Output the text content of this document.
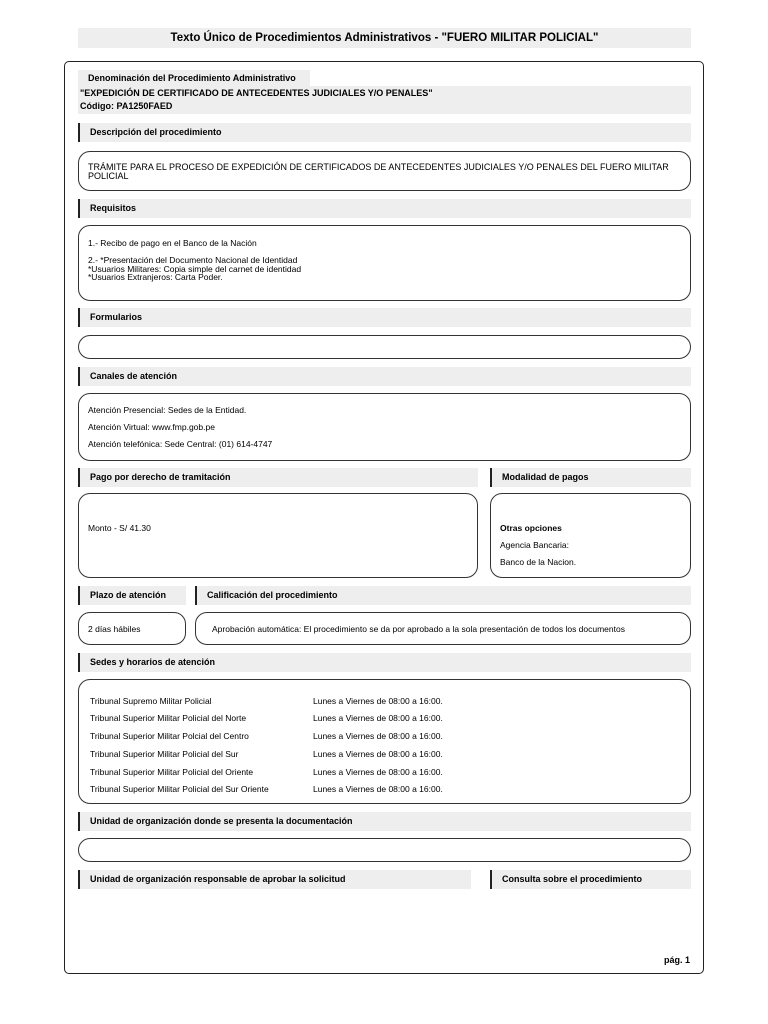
Texto Único de Procedimientos Administrativos - "FUERO MILITAR POLICIAL"
Denominación del Procedimiento Administrativo
"EXPEDICIÓN DE CERTIFICADO DE ANTECEDENTES JUDICIALES Y/O PENALES"
Código: PA1250FAED
Descripción del procedimiento
TRÁMITE PARA EL PROCESO DE EXPEDICIÓN DE CERTIFICADOS DE ANTECEDENTES JUDICIALES Y/O PENALES DEL FUERO MILITAR
POLICIAL
Requisitos
1.- Recibo de pago en el Banco de la Nación
2.- *Presentación del Documento Nacional de Identidad
*Usuarios Militares: Copia simple del carnet de identidad
*Usuarios Extranjeros: Carta Poder.
Formularios
Canales de atención
Atención Presencial: Sedes de la Entidad.
Atención Virtual: www.fmp.gob.pe
Atención telefónica: Sede Central: (01) 614-4747
Pago por derecho de tramitación	Modalidad de pagos
Monto - S/ 41.30	Otras opciones
Agencia Bancaria:
Banco de la Nacion.
Plazo de atención	Calificación del procedimiento
2 días hábiles	Aprobación automática: El procedimiento se da por aprobado a la sola presentación de todos los documentos
Sedes y horarios de atención
Tribunal Supremo Militar Policial	Lunes a Viernes de 08:00 a 16:00.
Tribunal Superior Militar Policial del Norte	Lunes a Viernes de 08:00 a 16:00.
Tribunal Superior Militar Polcial del Centro	Lunes a Viernes de 08:00 a 16:00.
Tribunal Superior Militar Policial del Sur	Lunes a Viernes de 08:00 a 16:00.
Tribunal Superior Militar Policial del Oriente	Lunes a Viernes de 08:00 a 16:00.
Tribunal Superior Militar Policial del Sur Oriente	Lunes a Viernes de 08:00 a 16:00.
Unidad de organización donde se presenta la documentación
Unidad de organización responsable de aprobar la solicitud	Consulta sobre el procedimiento
pág. 1
